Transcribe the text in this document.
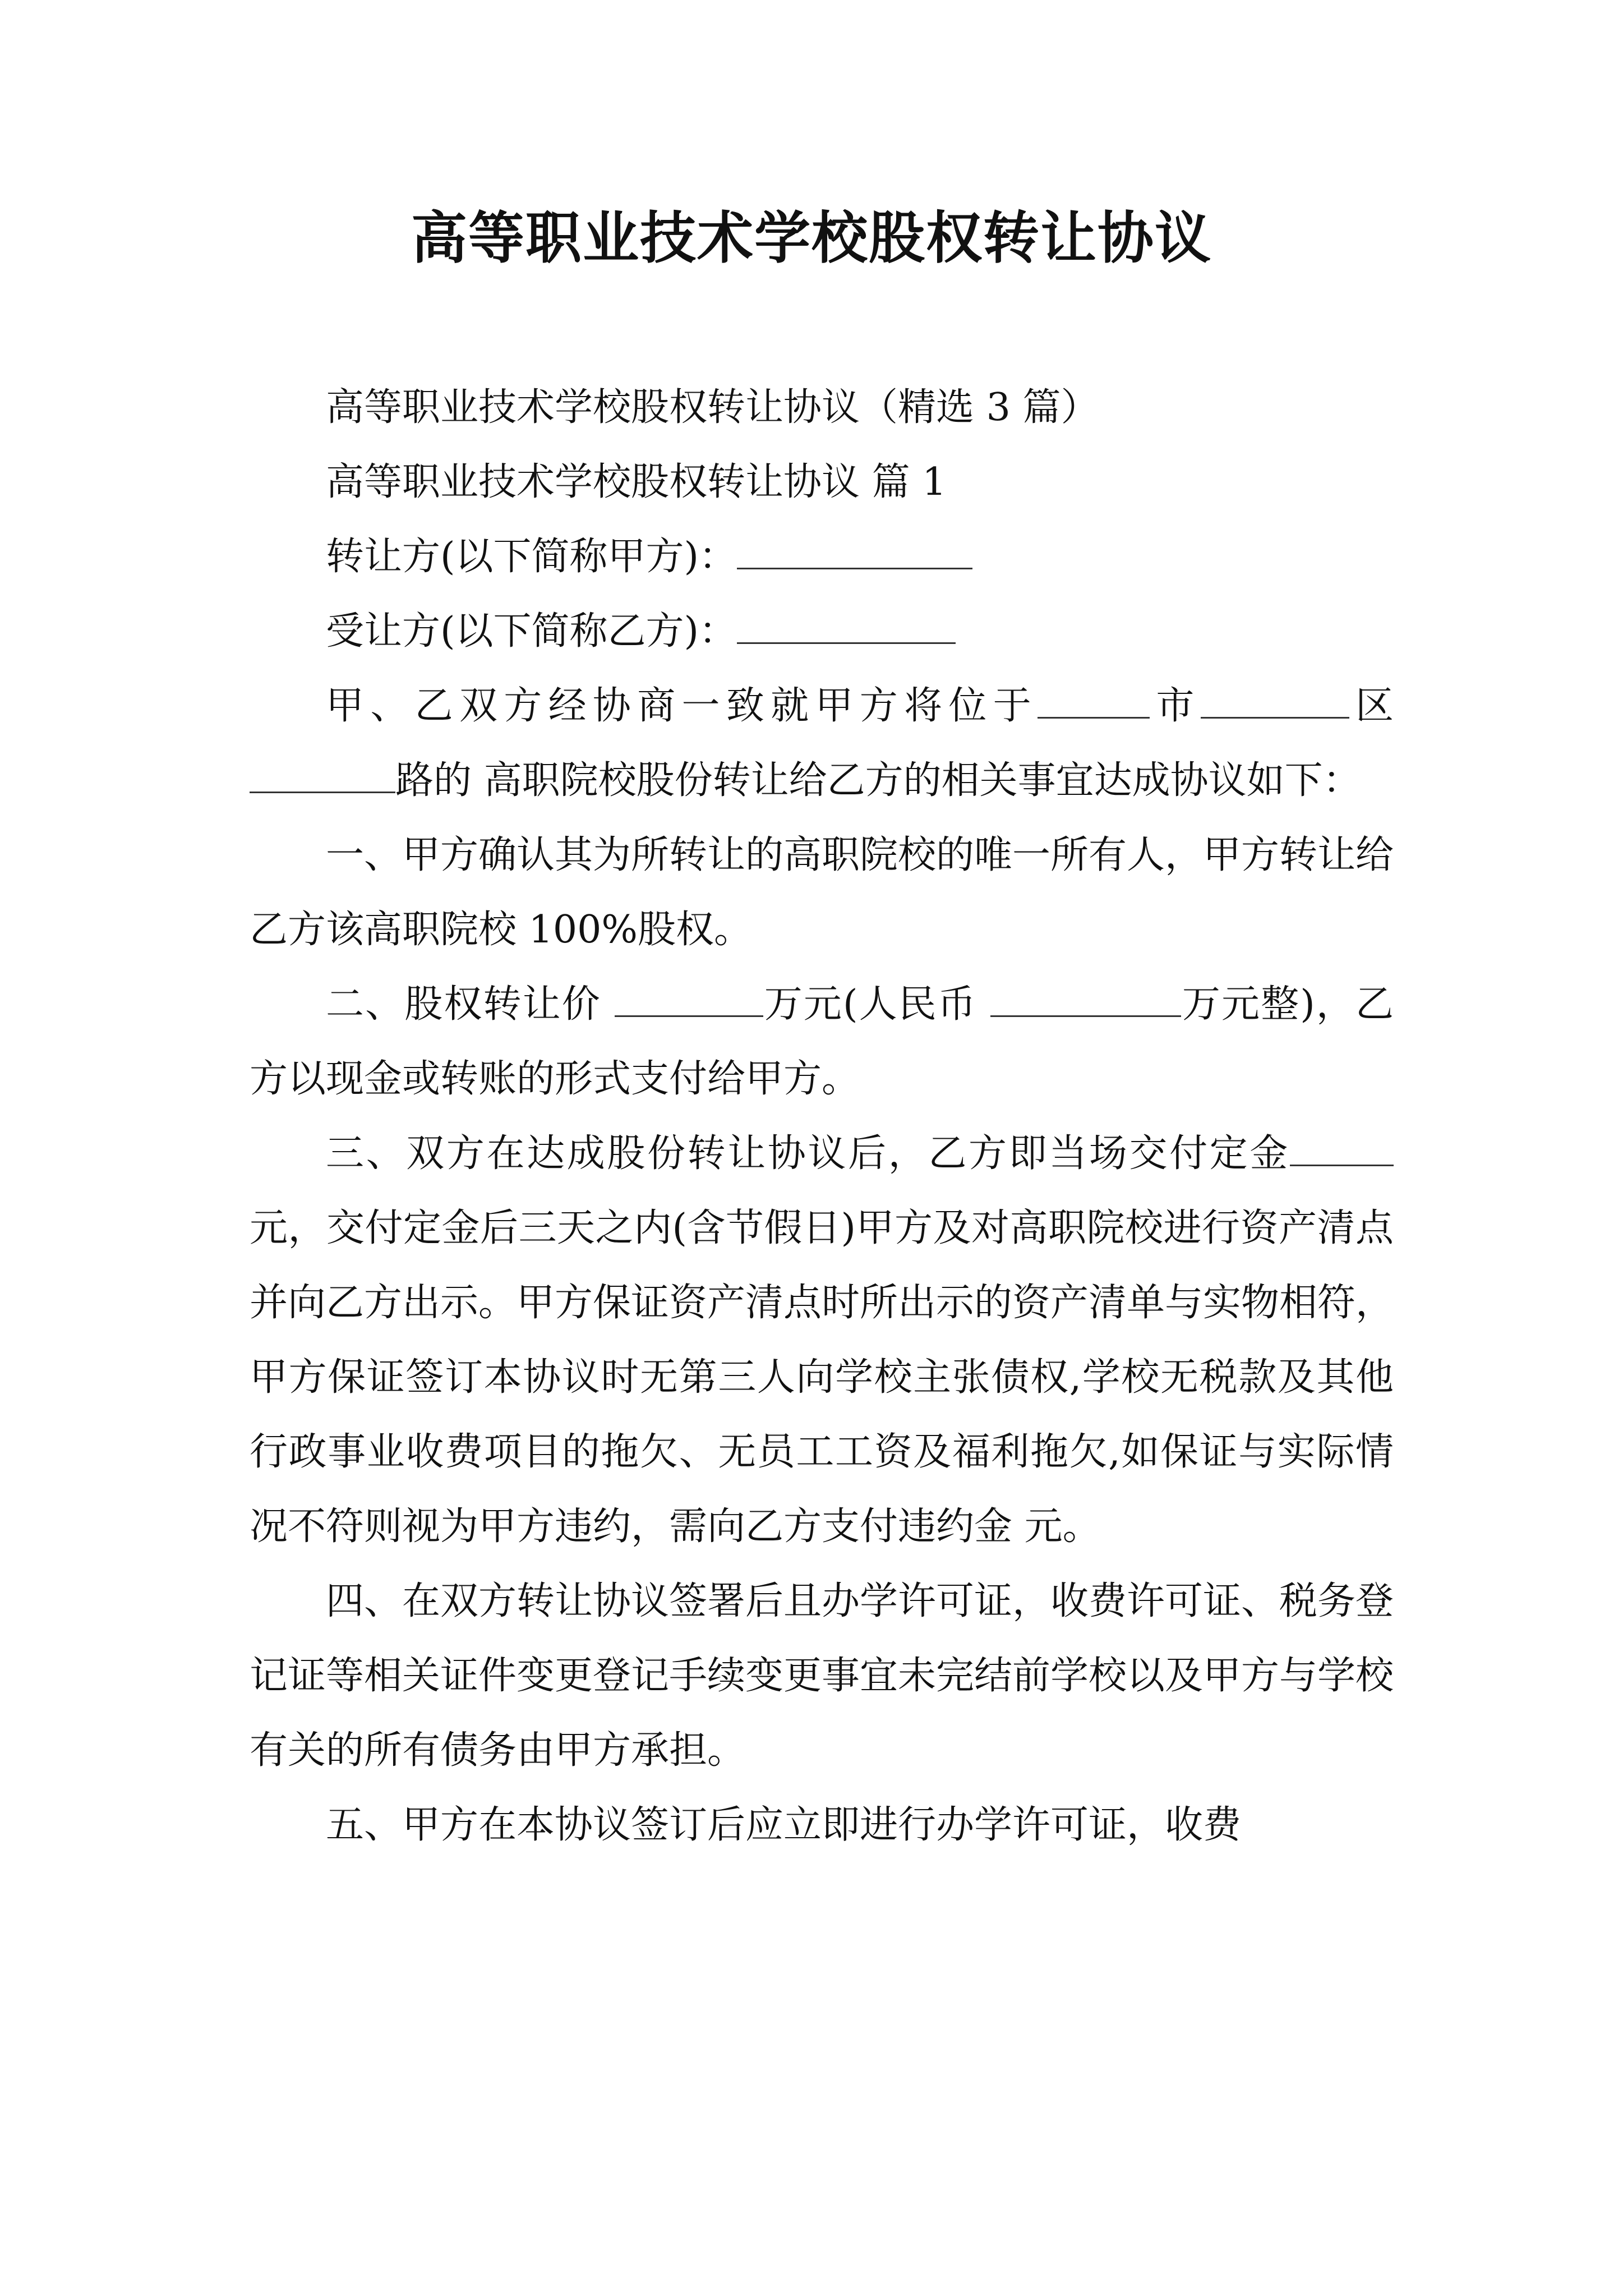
高等职业技术学校股权转让协议

高等职业技术学校股权转让协议（精选 3 篇）

高等职业技术学校股权转让协议 篇 1

转让方(以下简称甲方)：

受让方(以下简称乙方)：

甲、乙双方经协商一致就甲方将位于	市	区路的 高职院校股份转让给乙方的相关事宜达成协议如下：

一、甲方确认其为所转让的高职院校的唯一所有人，甲方转让给乙方该高职院校 100%股权。

二、股权转让价	万元(人民币	万元整)，乙方以现金或转账的形式支付给甲方。

三、双方在达成股份转让协议后，乙方即当场交付定金 元，交付定金后三天之内(含节假日)甲方及对高职院校进行资产清点并向乙方出示。甲方保证资产清点时所出示的资产清单与实物相符，甲方保证签订本协议时无第三人向学校主张债权,学校无税款及其他行政事业收费项目的拖欠、无员工工资及福利拖欠,如保证与实际情况不符则视为甲方违约，需向乙方支付违约金 元。

四、在双方转让协议签署后且办学许可证，收费许可证、税务登记证等相关证件变更登记手续变更事宜未完结前学校以及甲方与学校有关的所有债务由甲方承担。

五、甲方在本协议签订后应立即进行办学许可证，收费
